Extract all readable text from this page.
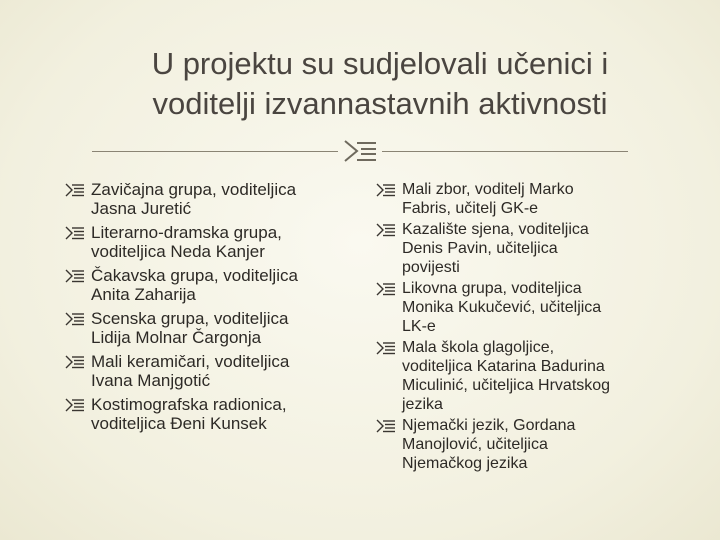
U projektu su sudjelovali učenici i
voditelji izvannastavnih aktivnosti
Zavičajna grupa, voditeljica
Jasna Juretić
Literarno-dramska grupa,
voditeljica Neda Kanjer
Čakavska grupa, voditeljica
Anita Zaharija
Scenska grupa, voditeljica
Lidija Molnar Čargonja
Mali keramičari, voditeljica
Ivana Manjgotić
Kostimografska radionica,
voditeljica Đeni Kunsek
Mali zbor, voditelj Marko
Fabris, učitelj GK-e
Kazalište sjena, voditeljica
Denis Pavin, učiteljica
povijesti
Likovna grupa, voditeljica
Monika Kukučević, učiteljica
LK-e
Mala škola glagoljice,
voditeljica Katarina Badurina
Miculinić, učiteljica Hrvatskog
jezika
Njemački jezik, Gordana
Manojlović, učiteljica
Njemačkog jezika
